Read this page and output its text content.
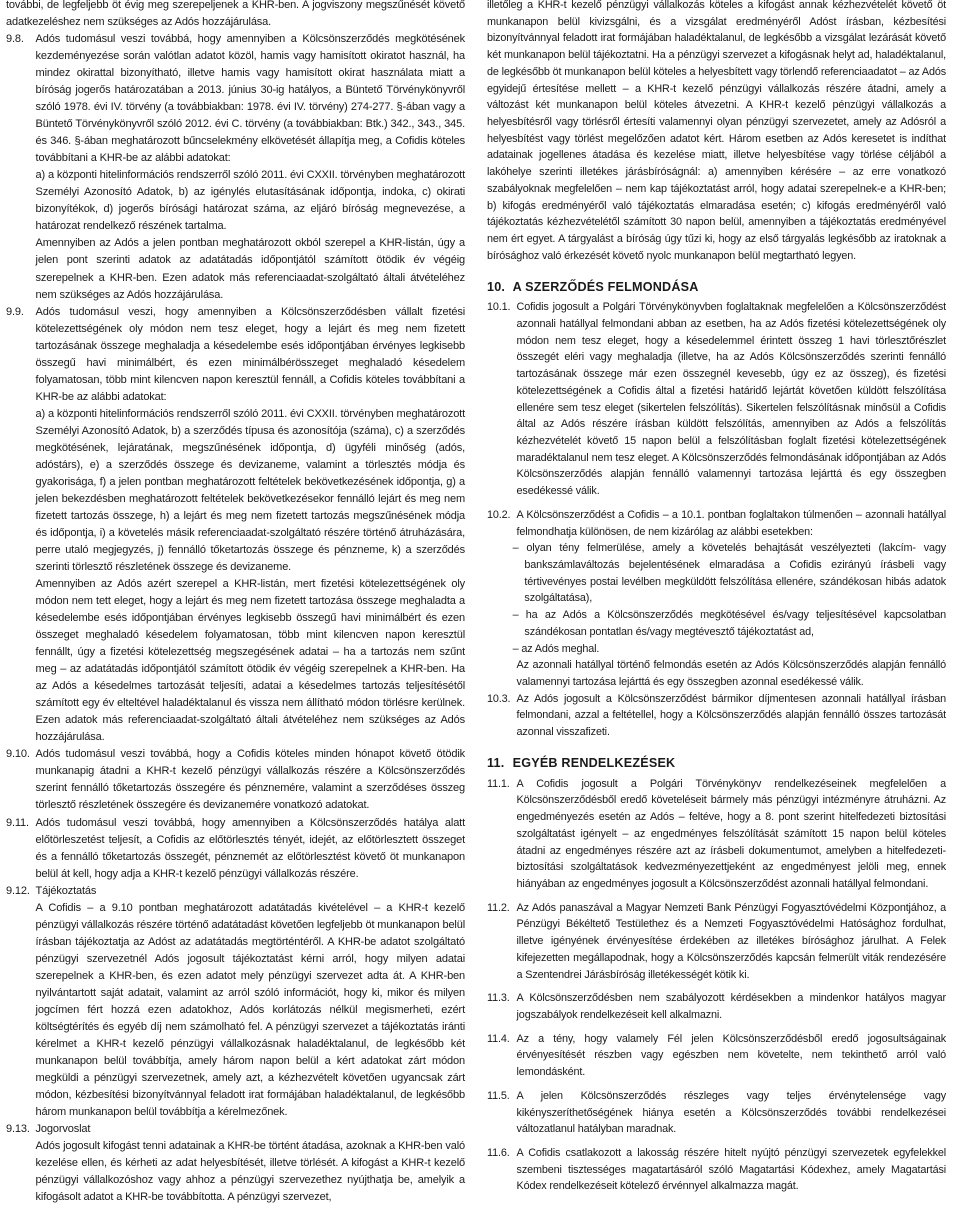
további, de legfeljebb öt évig meg szerepeljenek a KHR-ben. A jogviszony megszűnését követő adatkezeléshez nem szükséges az Adós hozzájárulása.

9.8.	Adós tudomásul veszi továbbá, hogy amennyiben a Kölcsönszerződés megkötésének kezdeményezése során valótlan adatot közöl, hamis vagy hamisított okiratot használ, ha mindez okirattal bizonyítható, illetve hamis vagy hamisított okirat használata miatt a bíróság jogerős határozatában a 2013. június 30-ig hatályos, a Büntető Törvénykönyvről szóló 1978. évi IV. törvény (a továbbiakban: 1978. évi IV. törvény) 274-277. §-ában vagy a Büntető Törvénykönyvről szóló 2012. évi C. törvény (a továbbiakban: Btk.) 342., 343., 345. és 346. §-ában meghatározott bűncselekmény elkövetését állapítja meg, a Cofidis köteles továbbítani a KHR-be az alábbi adatokat:

a) a központi hitelinformációs rendszerről szóló 2011. évi CXXII. törvényben meghatározott Személyi Azonosító Adatok, b) az igénylés elutasításának időpontja, indoka, c) okirati bizonyítékok, d) jogerős bírósági határozat száma, az eljáró bíróság megnevezése, a határozat rendelkező részének tartalma.

Amennyiben az Adós a jelen pontban meghatározott okból szerepel a KHR-listán, úgy a jelen pont szerinti adatok az adatátadás időpontjától számított ötödik év végéig szerepelnek a KHR-ben. Ezen adatok más referenciaadat-szolgáltató általi átvételéhez nem szükséges az Adós hozzájárulása.

9.9.	Adós tudomásul veszi, hogy amennyiben a Kölcsönszerződésben vállalt fizetési kötelezettségének oly módon nem tesz eleget, hogy a lejárt és meg nem fizetett tartozásának összege meghaladja a késedelembe esés időpontjában érvényes legkisebb összegű havi minimálbért, és ezen minimálbérösszeget meghaladó késedelem folyamatosan, több mint kilencven napon keresztül fennáll, a Cofidis köteles továbbítani a KHR-be az alábbi adatokat:

a) a központi hitelinformációs rendszerről szóló 2011. évi CXXII. törvényben meghatározott Személyi Azonosító Adatok, b) a szerződés típusa és azonosítója (száma), c) a szerződés megkötésének, lejáratának, megszűnésének időpontja, d) ügyféli minőség (adós, adóstárs), e) a szerződés összege és devizaneme, valamint a törlesztés módja és gyakorisága, f) a jelen pontban meghatározott feltételek bekövetkezésének időpontja, g) a jelen bekezdésben meghatározott feltételek bekövetkezésekor fennálló lejárt és meg nem fizetett tartozás összege, h) a lejárt és meg nem fizetett tartozás megszűnésének módja és időpontja, i) a követelés másik referenciaadat-szolgáltató részére történő átruházására, perre utaló megjegyzés, j) fennálló tőketartozás összege és pénzneme, k) a szerződés szerinti törlesztő részletének összege és devizaneme.

Amennyiben az Adós azért szerepel a KHR-listán, mert fizetési kötelezettségének oly módon nem tett eleget, hogy a lejárt és meg nem fizetett tartozása összege meghaladta a késedelembe esés időpontjában érvényes legkisebb összegű havi minimálbért és ezen összeget meghaladó késedelem folyamatosan, több mint kilencven napon keresztül fennállt, úgy a fizetési kötelezettség megszegésének adatai – ha a tartozás nem szűnt meg – az adatátadás időpontjától számított ötödik év végéig szerepelnek a KHR-ben. Ha az Adós a késedelmes tartozását teljesíti, adatai a késedelmes tartozás teljesítésétől számított egy év elteltével haladéktalanul és vissza nem állítható módon törlésre kerülnek. Ezen adatok más referenciaadat-szolgáltató általi átvételéhez nem szükséges az Adós hozzájárulása.

9.10. Adós tudomásul veszi továbbá, hogy a Cofidis köteles minden hónapot követő ötödik munkanapig átadni a KHR-t kezelő pénzügyi vállalkozás részére a Kölcsönszerződés szerint fennálló tőketartozás összegére és pénznemére, valamint a szerződéses összeg törlesztő részletének összegére és devizanemére vonatkozó adatokat.

9.11. Adós tudomásul veszi továbbá, hogy amennyiben a Kölcsönszerződés hatálya alatt előtörleszetést teljesít, a Cofidis az előtörlesztés tényét, idejét, az előtörlesztett összeget és a fennálló tőketartozás összegét, pénznemét az előtörlesztést követő öt munkanapon belül át kell, hogy adja a KHR-t kezelő pénzügyi vállalkozás részére.

9.12. Tájékoztatás

A Cofidis – a 9.10 pontban meghatározott adatátadás kivételével – a KHR-t kezelő pénzügyi vállalkozás részére történő adatátadást követően legfeljebb öt munkanapon belül írásban tájékoztatja az Adóst az adatátadás megtörténtéről. A KHR-be adatot szolgáltató pénzügyi szervezetnél Adós jogosult tájékoztatást kérni arról, hogy milyen adatai szerepelnek a KHR-ben, és ezen adatot mely pénzügyi szervezet adta át. A KHR-ben nyilvántartott saját adatait, valamint az arról szóló információt, hogy ki, mikor és milyen jogcímen fért hozzá ezen adatokhoz, Adós korlátozás nélkül megismerheti, ezért költségtérítés és egyéb díj nem számolható fel. A pénzügyi szervezet a tájékoztatás iránti kérelmet a KHR-t kezelő pénzügyi vállalkozásnak haladéktalanul, de legkésőbb két munkanapon belül továbbítja, amely három napon belül a kért adatokat zárt módon megküldi a pénzügyi szervezetnek, amely azt, a kézhezvételt követően ugyancsak zárt módon, kézbesítési bizonyítvánnyal feladott irat formájában haladéktalanul, de legkésőbb három munkanapon belül továbbítja a kérelmezőnek.

9.13. Jogorvoslat

Adós jogosult kifogást tenni adatainak a KHR-be történt átadása, azoknak a KHR-ben való kezelése ellen, és kérheti az adat helyesbítését, illetve törlését. A kifogást a KHR-t kezelő pénzügyi vállalkozóshoz vagy ahhoz a pénzügyi szervezethez nyújthatja be, amelyik a kifogásolt adatot a KHR-be továbbította. A pénzügyi szervezet,

illetőleg a KHR-t kezelő pénzügyi vállalkozás köteles a kifogást annak kézhezvételét követő öt munkanapon belül kivizsgálni, és a vizsgálat eredményéről Adóst írásban, kézbesítési bizonyítvánnyal feladott irat formájában haladéktalanul, de legkésőbb a vizsgálat lezárását követő két munkanapon belül tájékoztatni. Ha a pénzügyi szervezet a kifogásnak helyt ad, haladéktalanul, de legkésőbb öt munkanapon belül köteles a helyesbített vagy törlendő referenciaadatot – az Adós egyidejű értesítése mellett – a KHR-t kezelő pénzügyi vállalkozás részére átadni, amely a változást két munkanapon belül köteles átvezetni. A KHR-t kezelő pénzügyi vállalkozás a helyesbítésről vagy törlésről értesíti valamennyi olyan pénzügyi szervezetet, amely az Adósról a helyesbítést vagy törlést megelőzően adatot kért. Három esetben az Adós keresetet is indíthat adatainak jogellenes átadása és kezelése miatt, illetve helyesbítése vagy törlése céljából a lakóhelye szerinti illetékes járásbíróságnál: a) amennyiben kérésére – az erre vonatkozó szabályoknak megfelelően – nem kap tájékoztatást arról, hogy adatai szerepelnek-e a KHR-ben; b) kifogás eredményéről való tájékoztatás elmaradása esetén; c) kifogás eredményéről való tájékoztatás kézhezvételétől számított 30 napon belül, amennyiben a tájékoztatás eredményével nem ért egyet. A tárgyalást a bíróság úgy tűzi ki, hogy az első tárgyalás legkésőbb az iratoknak a bírósághoz való érkezését követő nyolc munkanapon belül megtartható legyen.

10. A SZERZŐDÉS FELMONDÁSA
10.1. Cofidis jogosult a Polgári Törvénykönyvben foglaltaknak megfelelően a Kölcsönszerződést azonnali hatállyal felmondani abban az esetben, ha az Adós fizetési kötelezettségének oly módon nem tesz eleget, hogy a késedelemmel érintett összeg 1 havi törlesztőrészlet összegét eléri vagy meghaladja (illetve, ha az Adós Kölcsönszerződés szerinti fennálló tartozásának összege már ezen összegnél kevesebb, úgy ez az összeg), és fizetési kötelezettségének a Cofidis által a fizetési határidő lejártát követően küldött felszólítása ellenére sem tesz eleget (sikertelen felszólítás). Sikertelen felszólításnak minősül a Cofidis által az Adós részére írásban küldött felszólítás, amennyiben az Adós a felszólítás kézhezvételét követő 15 napon belül a felszólításban foglalt fizetési kötelezettségének maradéktalanul nem tesz eleget. A Kölcsönszerződés felmondásának időpontjában az Adós Kölcsönszerződés alapján fennálló valamennyi tartozása lejárttá és egy összegben esedékessé válik.

10.2. A Kölcsönszerződést a Cofidis – a 10.1. pontban foglaltakon túlmenően – azonnali hatállyal felmondhatja különösen, de nem kizárólag az alábbi esetekben:

– olyan tény felmerülése, amely a követelés behajtását veszélyezteti (lakcím- vagy bankszámlaváltozás bejelentésének elmaradása a Cofidis ezirányú írásbeli vagy tértivevényes postai levélben megküldött felszólítása ellenére, szándékosan hibás adatok szolgáltatása),

– ha az Adós a Kölcsönszerződés megkötésével és/vagy teljesítésével kapcsolatban szándékosan pontatlan és/vagy megtévesztő tájékoztatást ad,

– az Adós meghal.

Az azonnali hatállyal történő felmondás esetén az Adós Kölcsönszerződés alapján fennálló valamennyi tartozása lejárttá és egy összegben azonnal esedékessé válik.

10.3. Az Adós jogosult a Kölcsönszerződést bármikor díjmentesen azonnali hatállyal írásban felmondani, azzal a feltétellel, hogy a Kölcsönszerződés alapján fennálló összes tartozását azonnal visszafizeti.

11. EGYÉB RENDELKEZÉSEK
11.1. A Cofidis jogosult a Polgári Törvénykönyv rendelkezéseinek megfelelően a Kölcsönszerződésből eredő követeléseit bármely más pénzügyi intézményre átruházni. Az engedményezés esetén az Adós – feltéve, hogy a 8. pont szerint hitelfedezeti biztosítási szolgáltatást igényelt – az engedményes felszólítását számított 15 napon belül köteles átadni az engedményes részére azt az írásbeli dokumentumot, amelyben a hitelfedezeti-biztosítási szolgáltatások kedvezményezettjeként az engedményest jelöli meg, ennek hiányában az engedményes jogosult a Kölcsönszerződést azonnali hatállyal felmondani.

11.2. Az Adós panaszával a Magyar Nemzeti Bank Pénzügyi Fogyasztóvédelmi Központjához, a Pénzügyi Békéltető Testülethez és a Nemzeti Fogyasztóvédelmi Hatósághoz fordulhat, illetve igényének érvényesítése érdekében az illetékes bírósághoz járulhat. A Felek kifejezetten megállapodnak, hogy a Kölcsönszerződés kapcsán felmerült viták rendezésére a Szentendrei Járásbíróság illetékességét kötik ki.

11.3. A Kölcsönszerződésben nem szabályozott kérdésekben a mindenkor hatályos magyar jogszabályok rendelkezéseit kell alkalmazni.

11.4. Az a tény, hogy valamely Fél jelen Kölcsönszerződésből eredő jogosultságainak érvényesítését részben vagy egészben nem követelte, nem tekinthető arról való lemondásként.

11.5. A jelen Kölcsönszerződés részleges vagy teljes érvénytelensége vagy kikényszeríthetőségének hiánya esetén a Kölcsönszerződés további rendelkezései változatlanul hatályban maradnak.

11.6. A Cofidis csatlakozott a lakosság részére hitelt nyújtó pénzügyi szervezetek egyfelekkel szembeni tisztességes magatartásáról szóló Magatartási Kódexhez, amely Magatartási Kódex rendelkezéseit kötelező érvénnyel alkalmazza magát.
